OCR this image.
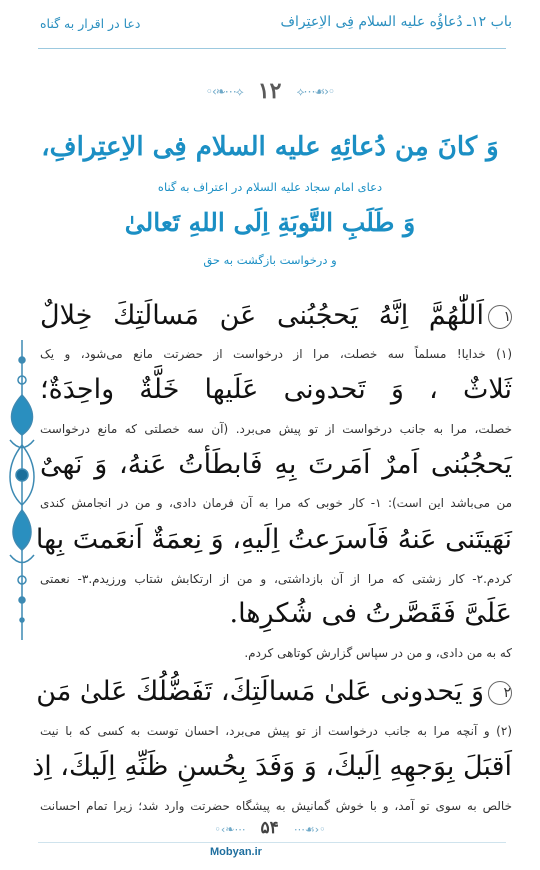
باب ۱۲ـ دُعاؤُه عليه السلام فِى الاِعتِراف
دعا در اقرار به گناه
◦‹❧⋯⟡ ۱۲ ⟡⋯☙›◦
وَ كانَ مِن دُعائِهِ عليه السلام فِى الاِعتِرافِ،
دعای امام سجاد علیه السلام در اعتراف به گناه
وَ طَلَبِ التَّوبَةِ اِلَى اللهِ تَعالىٰ
و درخواست بازگشت به حق
۱اَللّٰهُمَّ اِنَّهُ يَحجُبُنى عَن مَسالَتِكَ خِلالٌ
(۱) خدایا! مسلماً سه خصلت، مرا از درخواست از حضرتت مانع می‌شود، و یک
ثَلاثٌ ، وَ تَحدونى عَلَيها خَلَّةٌ واحِدَةٌ؛
خصلت، مرا به جانب درخواست از تو پیش می‌برد. (آن سه خصلتی که مانع درخواست
يَحجُبُنى اَمرٌ اَمَرتَ بِهِ فَابطَأتُ عَنهُ، وَ نَهىٌ
من می‌باشد این است): ۱- کار خوبی که مرا به آن فرمان دادی، و من در انجامش کندی
نَهَيتَنى عَنهُ فَاَسرَعتُ اِلَيهِ، وَ نِعمَةٌ اَنعَمتَ بِها
کردم.۲- کار زشتی که مرا از آن بازداشتی، و من از ارتکابش شتاب ورزیدم.۳- نعمتی
عَلَىَّ فَقَصَّرتُ فى شُكرِها.
که به من دادی، و من در سپاس گزارش کوتاهی کردم.
۲وَ يَحدونى عَلىٰ مَسالَتِكَ، تَفَضُّلُكَ عَلىٰ مَن
(۲) و آنچه مرا به جانب درخواست از تو پیش می‌برد، احسان توست به کسی که با نیت
اَقبَلَ بِوَجهِهِ اِلَيكَ، وَ وَفَدَ بِحُسنِ ظَنِّهِ اِلَيكَ، اِذ
خالص به سوی تو آمد، و با خوش گمانیش به پیشگاه حضرتت وارد شد؛ زیرا تمام احسانت
◦‹❧⋯ ۵۴ ⋯☙›◦
Mobyan.ir
